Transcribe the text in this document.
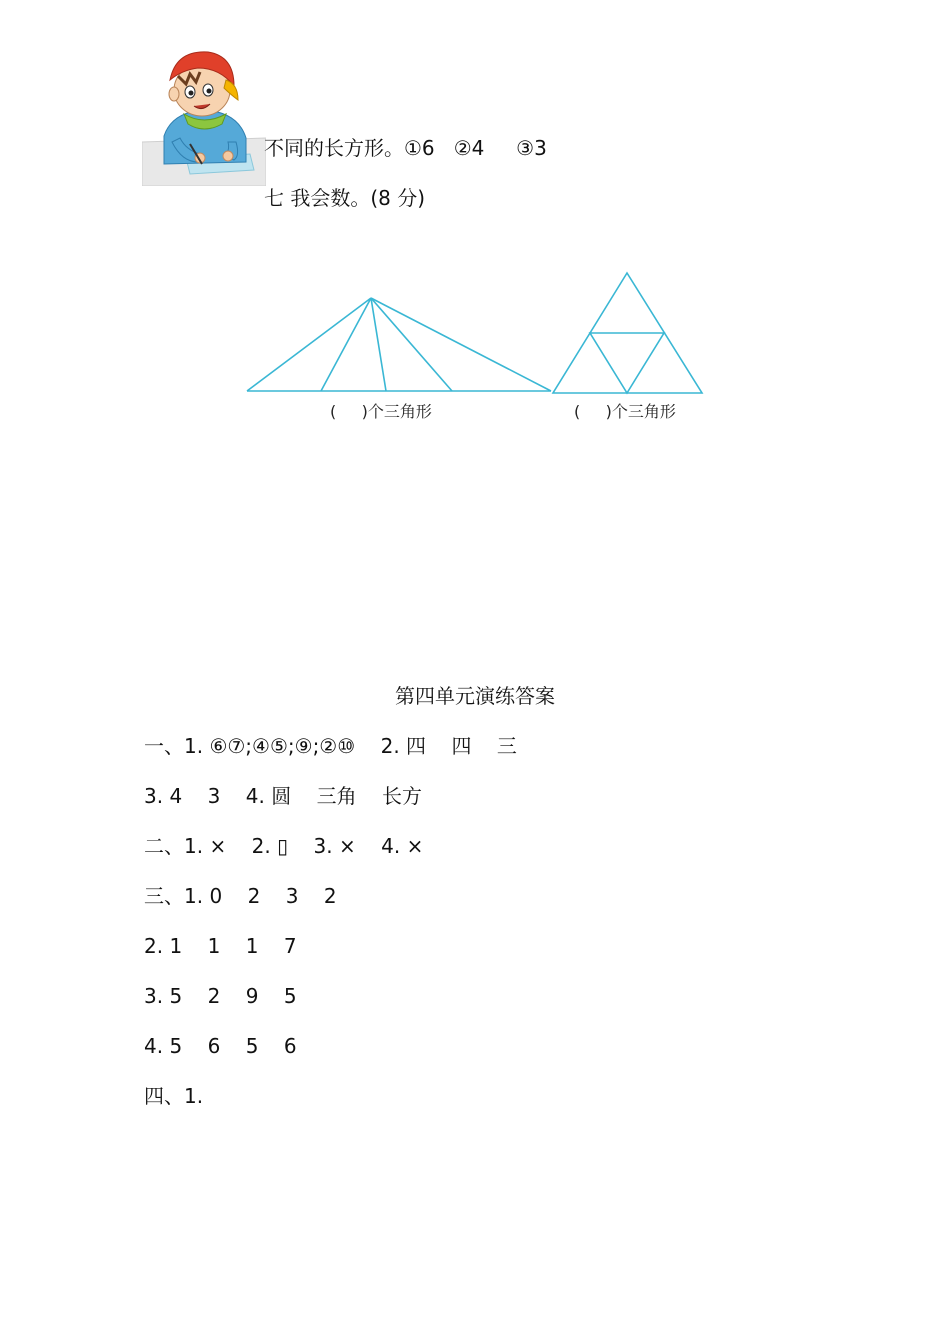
不同的长方形。①6   ②4     ③3
七 我会数。(8 分)
(     )个三角形	(     )个三角形
第四单元演练答案
一、1. ⑥⑦;④⑤;⑨;②⑩    2. 四    四    三
3. 4    3    4. 圆    三角    长方
二、1. ×    2. ▯    3. ×    4. ×
三、1. 0    2    3    2
2. 1    1    1    7
3. 5    2    9    5
4. 5    6    5    6
四、1.
